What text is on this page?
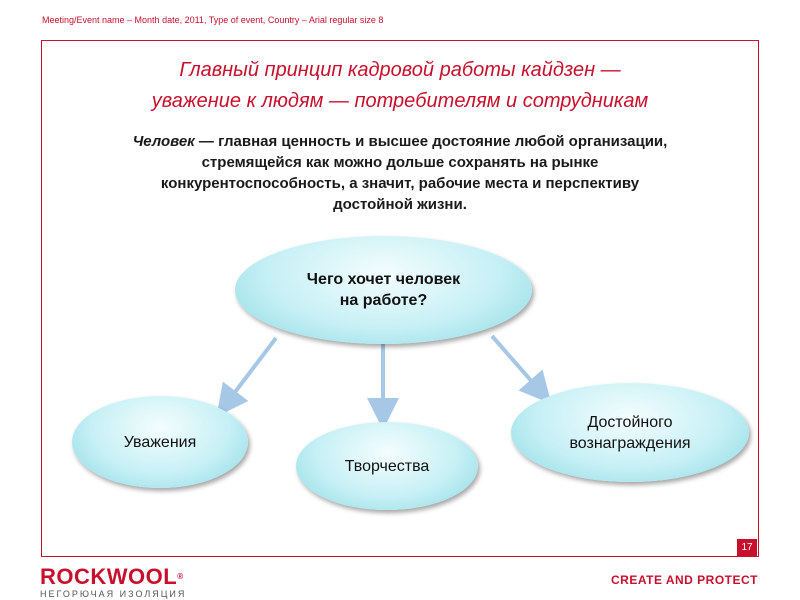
Meeting/Event name – Month date, 2011, Type of event, Country – Arial regular size 8
Главный принцип кадровой работы кайдзен —
уважение к людям — потребителям и сотрудникам
Человек — главная ценность и высшее достояние любой организации,
стремящейся как можно дольше сохранять на рынке
конкурентоспособность, а значит, рабочие места и перспективу
достойной жизни.
Чего хочет человек
на работе?
Уважения
Творчества
Достойного
вознаграждения
17
ROCKWOOL®
НЕГОРЮЧАЯ ИЗОЛЯЦИЯ
CREATE AND PROTECT
